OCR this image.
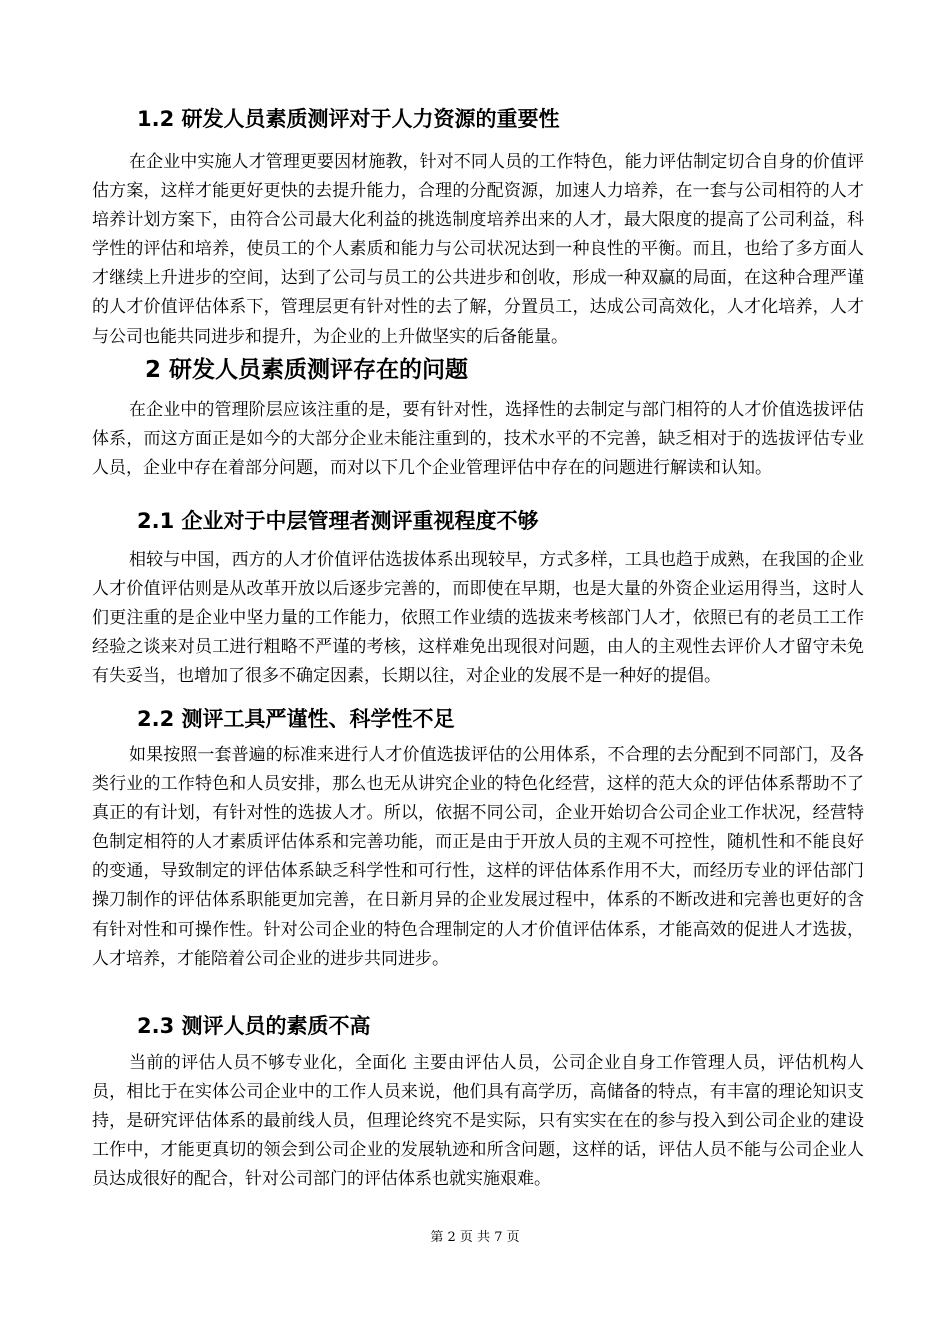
1.2 研发人员素质测评对于人力资源的重要性

在企业中实施人才管理更要因材施教，针对不同人员的工作特色，能力评估制定切合自身的价值评估方案，这样才能更好更快的去提升能力，合理的分配资源，加速人力培养，在一套与公司相符的人才培养计划方案下，由符合公司最大化利益的挑选制度培养出来的人才，最大限度的提高了公司利益，科学性的评估和培养，使员工的个人素质和能力与公司状况达到一种良性的平衡。而且，也给了多方面人才继续上升进步的空间，达到了公司与员工的公共进步和创收，形成一种双赢的局面，在这种合理严谨的人才价值评估体系下，管理层更有针对性的去了解，分置员工，达成公司高效化，人才化培养，人才与公司也能共同进步和提升，为企业的上升做坚实的后备能量。

2 研发人员素质测评存在的问题

在企业中的管理阶层应该注重的是，要有针对性，选择性的去制定与部门相符的人才价值选拔评估体系，而这方面正是如今的大部分企业未能注重到的，技术水平的不完善，缺乏相对于的选拔评估专业人员，企业中存在着部分问题，而对以下几个企业管理评估中存在的问题进行解读和认知。

2.1 企业对于中层管理者测评重视程度不够

相较与中国，西方的人才价值评估选拔体系出现较早，方式多样，工具也趋于成熟，在我国的企业人才价值评估则是从改革开放以后逐步完善的，而即使在早期，也是大量的外资企业运用得当，这时人们更注重的是企业中坚力量的工作能力，依照工作业绩的选拔来考核部门人才，依照已有的老员工工作经验之谈来对员工进行粗略不严谨的考核，这样难免出现很对问题，由人的主观性去评价人才留守未免有失妥当，也增加了很多不确定因素，长期以往，对企业的发展不是一种好的提倡。

2.2 测评工具严谨性、科学性不足

如果按照一套普遍的标准来进行人才价值选拔评估的公用体系，不合理的去分配到不同部门，及各类行业的工作特色和人员安排，那么也无从讲究企业的特色化经营，这样的范大众的评估体系帮助不了真正的有计划，有针对性的选拔人才。所以，依据不同公司，企业开始切合公司企业工作状况，经营特色制定相符的人才素质评估体系和完善功能，而正是由于开放人员的主观不可控性，随机性和不能良好的变通，导致制定的评估体系缺乏科学性和可行性，这样的评估体系作用不大，而经历专业的评估部门操刀制作的评估体系职能更加完善，在日新月异的企业发展过程中，体系的不断改进和完善也更好的含有针对性和可操作性。针对公司企业的特色合理制定的人才价值评估体系，才能高效的促进人才选拔，人才培养，才能陪着公司企业的进步共同进步。

2.3 测评人员的素质不高

当前的评估人员不够专业化，全面化 主要由评估人员，公司企业自身工作管理人员，评估机构人员，相比于在实体公司企业中的工作人员来说，他们具有高学历，高储备的特点，有丰富的理论知识支持，是研究评估体系的最前线人员，但理论终究不是实际，只有实实在在的参与投入到公司企业的建设工作中，才能更真切的领会到公司企业的发展轨迹和所含问题，这样的话，评估人员不能与公司企业人员达成很好的配合，针对公司部门的评估体系也就实施艰难。

第 2 页 共 7 页
